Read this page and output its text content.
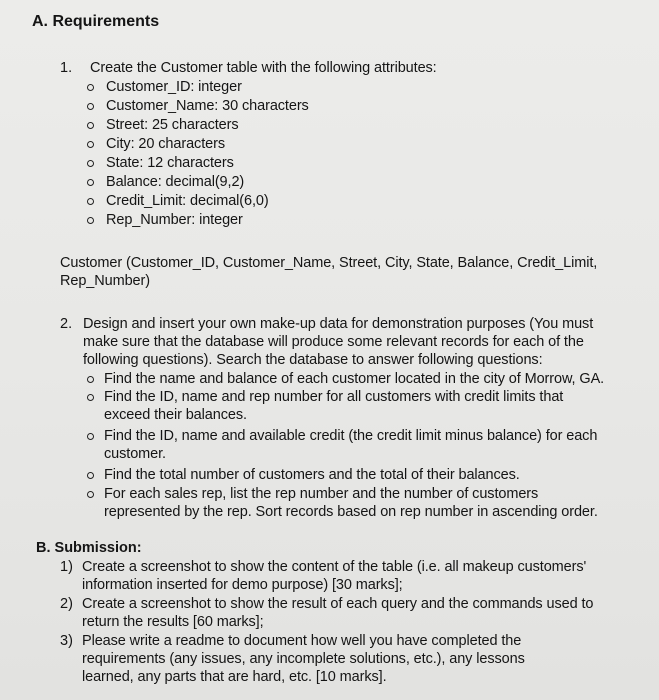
A. Requirements
1. Create the Customer table with the following attributes:
Customer_ID: integer
Customer_Name: 30 characters
Street: 25 characters
City: 20 characters
State: 12 characters
Balance: decimal(9,2)
Credit_Limit: decimal(6,0)
Rep_Number: integer
Customer (Customer_ID, Customer_Name, Street, City, State, Balance, Credit_Limit,
Rep_Number)
2. Design and insert your own make-up data for demonstration purposes (You must
make sure that the database will produce some relevant records for each of the
following questions). Search the database to answer following questions:
Find the name and balance of each customer located in the city of Morrow, GA.
Find the ID, name and rep number for all customers with credit limits that
exceed their balances.
Find the ID, name and available credit (the credit limit minus balance) for each
customer.
Find the total number of customers and the total of their balances.
For each sales rep, list the rep number and the number of customers
represented by the rep. Sort records based on rep number in ascending order.
B. Submission:
1) Create a screenshot to show the content of the table (i.e. all makeup customers'
information inserted for demo purpose) [30 marks];
2) Create a screenshot to show the result of each query and the commands used to
return the results [60 marks];
3) Please write a readme to document how well you have completed the
requirements (any issues, any incomplete solutions, etc.), any lessons
learned, any parts that are hard, etc. [10 marks].
